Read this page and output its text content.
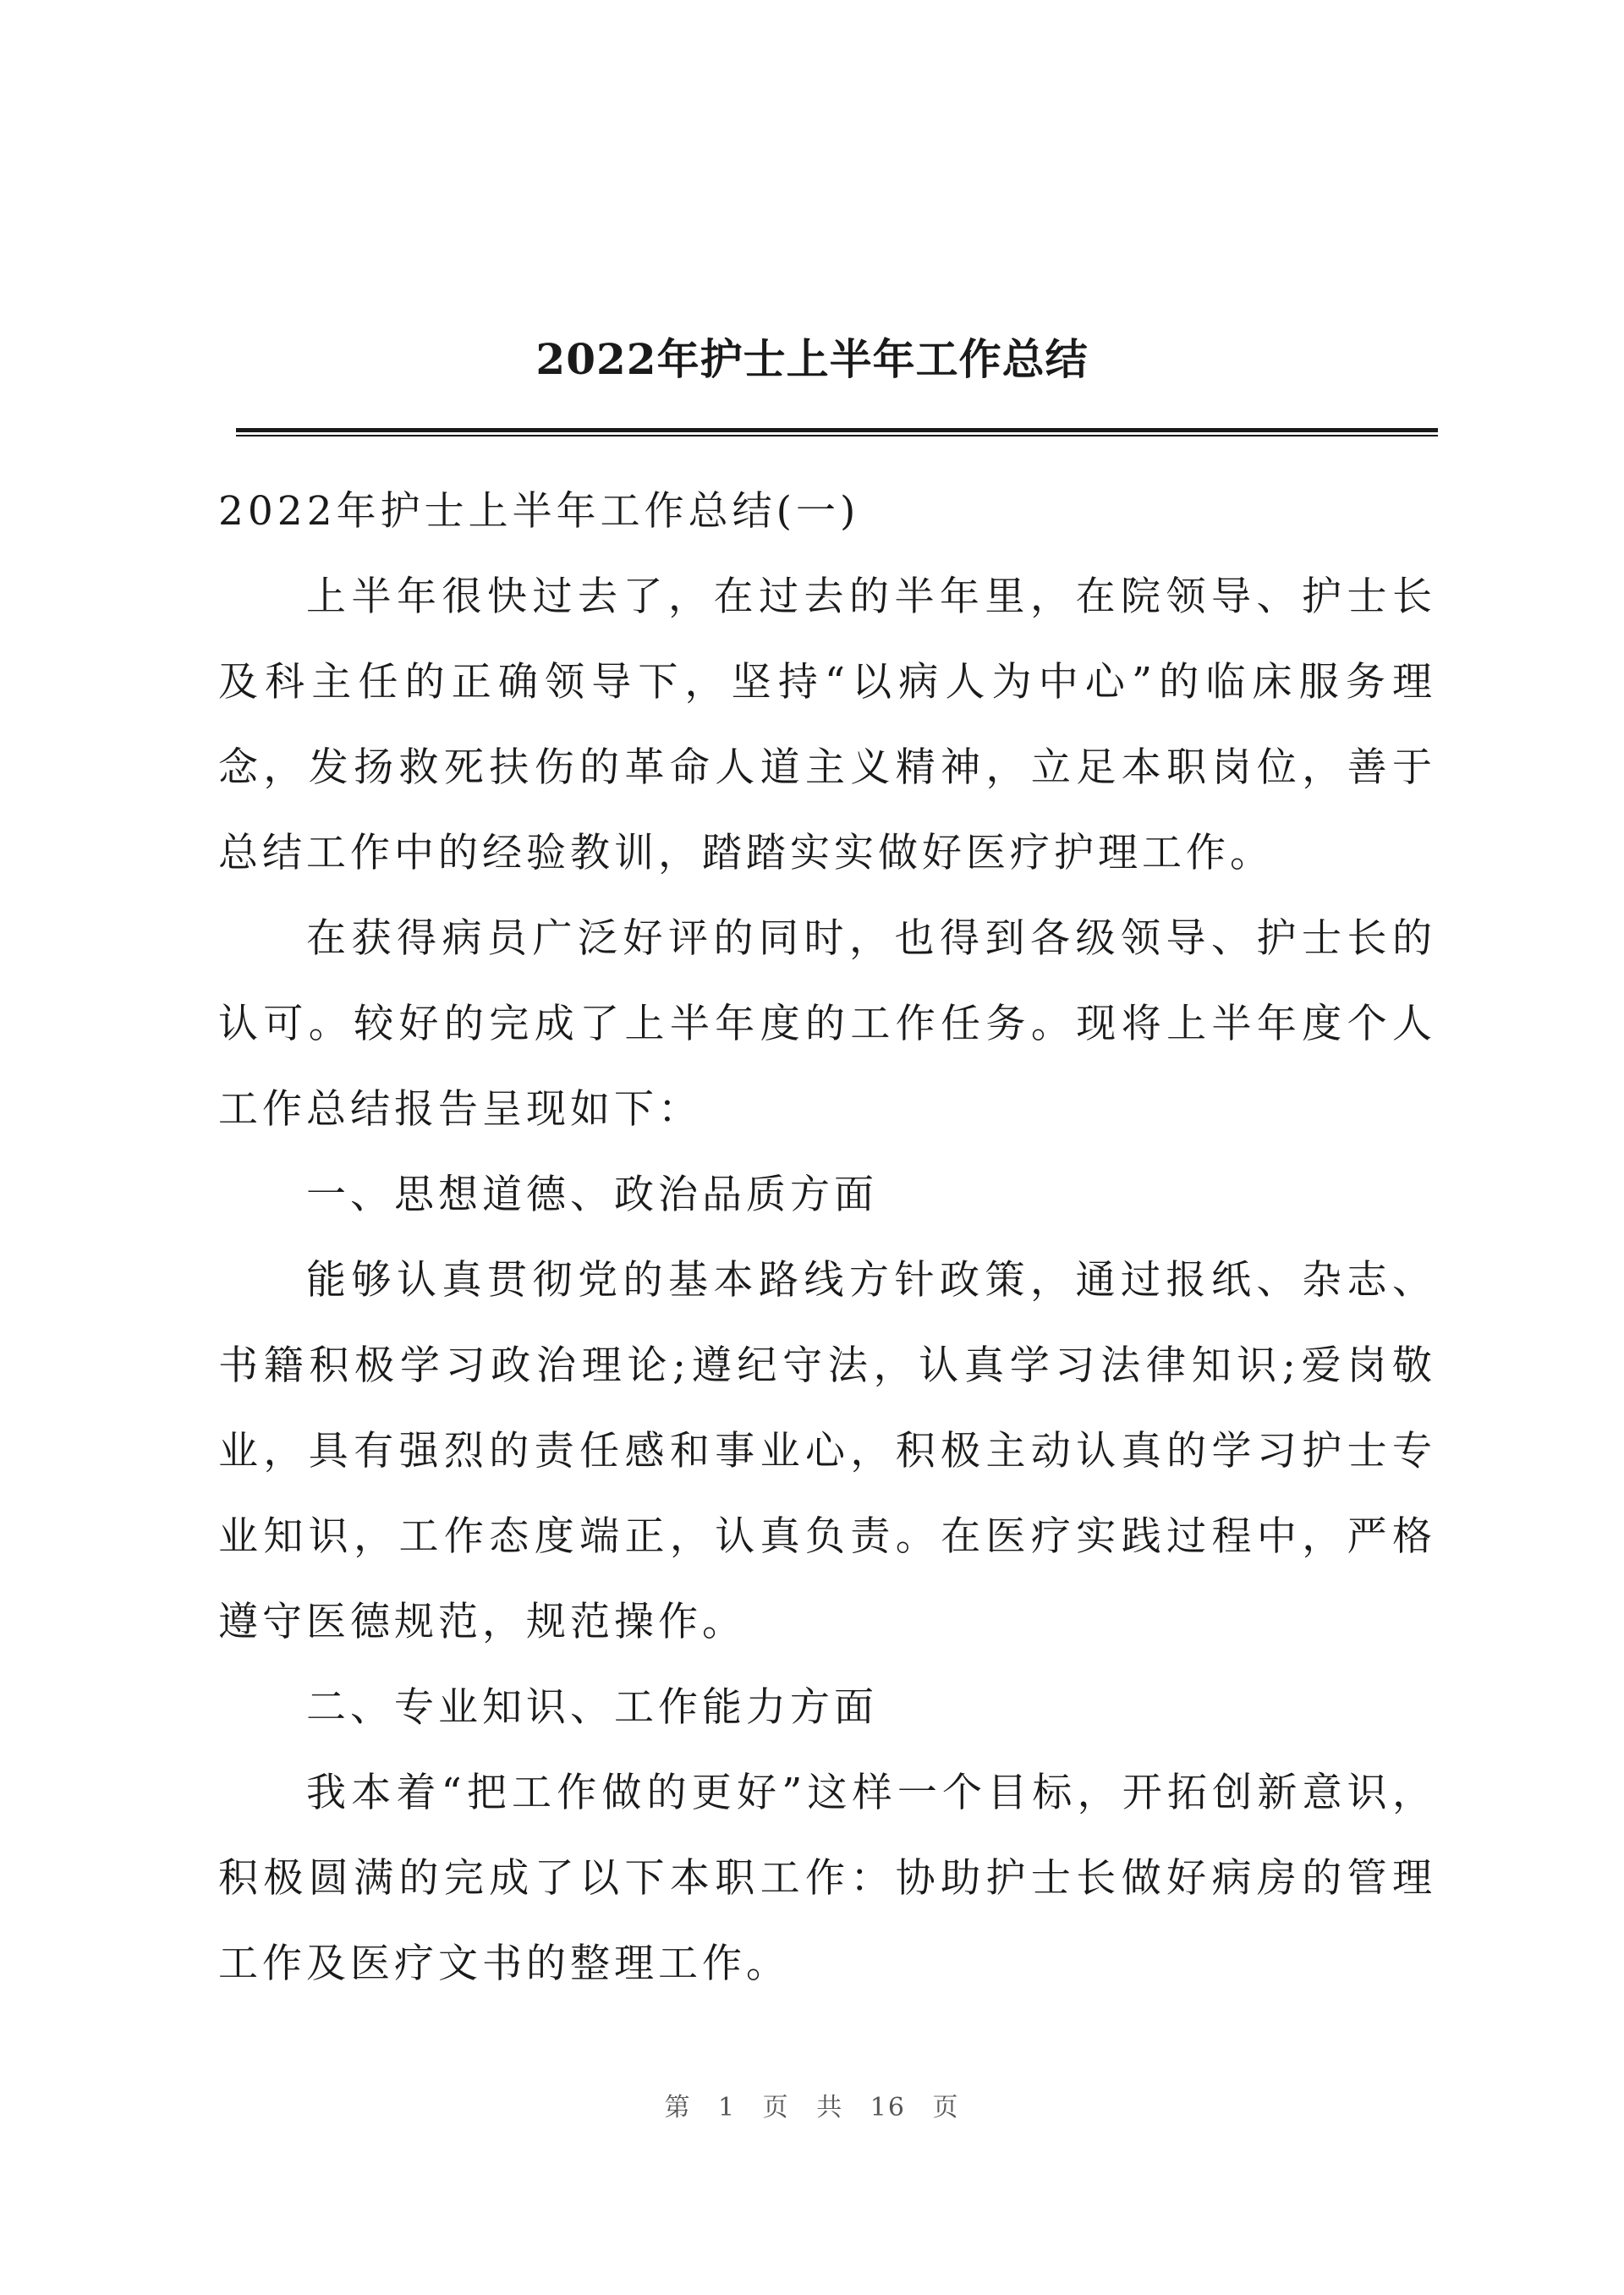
2022年护士上半年工作总结

2022年护士上半年工作总结(一)

上半年很快过去了，在过去的半年里，在院领导、护士长及科主任的正确领导下，坚持“以病人为中心”的临床服务理念，发扬救死扶伤的革命人道主义精神，立足本职岗位，善于总结工作中的经验教训，踏踏实实做好医疗护理工作。

在获得病员广泛好评的同时，也得到各级领导、护士长的认可。较好的完成了上半年度的工作任务。现将上半年度个人工作总结报告呈现如下：

一、思想道德、政治品质方面

能够认真贯彻党的基本路线方针政策，通过报纸、杂志、书籍积极学习政治理论;遵纪守法，认真学习法律知识;爱岗敬业，具有强烈的责任感和事业心，积极主动认真的学习护士专业知识，工作态度端正，认真负责。在医疗实践过程中，严格遵守医德规范，规范操作。

二、专业知识、工作能力方面

我本着“把工作做的更好”这样一个目标，开拓创新意识，积极圆满的完成了以下本职工作：协助护士长做好病房的管理工作及医疗文书的整理工作。

第 1 页 共 16 页
